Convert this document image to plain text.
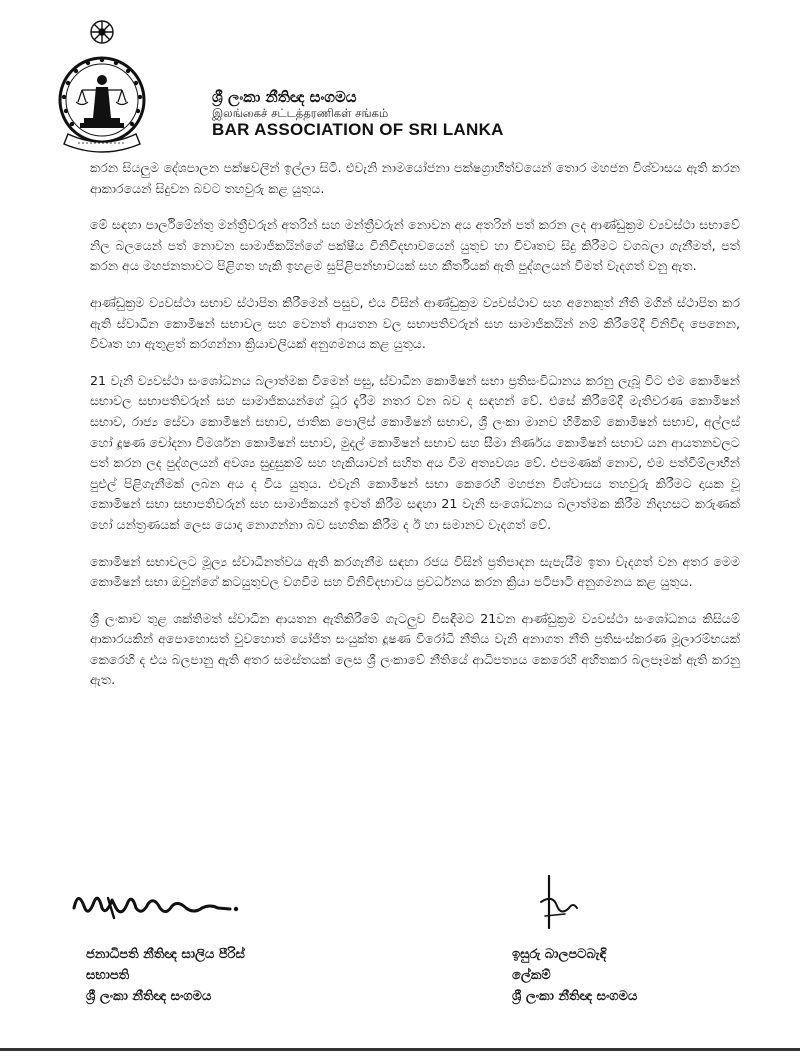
ශ්‍රී ලංකා නීතිඥ සංගමය
இலங்கைச் சட்டத்தரணிகள் சங்கம்
BAR ASSOCIATION OF SRI LANKA

කරන සියලුම දේශපාලන පක්ෂවලින් ඉල්ලා සිටී. එවැනි නාමයෝජනා පක්ෂග්‍රාහීත්වයෙන් තොර මහජන විශ්වාසය ඇති කරන ආකාරයෙන් සිදුවන බවට තහවුරු කළ යුතුය.

මේ සඳහා පාර්ලිමේන්තු මන්ත්‍රීවරුන් අතරින් සහ මන්ත්‍රීවරුන් නොවන අය අතරින් පත් කරන ලද ආණ්ඩුක්‍රම ව්‍යවස්ථා සභාවේ නිල බලයෙන් පත් නොවන සාමාජිකයින්ගේ පක්ෂීය විනිවිදභාවයෙන් යුතුව හා විවෘතව සිදු කිරීමට වගබලා ගැනීමත්, පත් කරන අය මහජනතාවට පිළිගත හැකි ඉහළම සුපිළිපන්භාවයක් සහ කීර්තියක් ඇති පුද්ගලයන් වීමත් වැදගත් වනු ඇත.

ආණ්ඩුක්‍රම ව්‍යවස්ථා සභාව ස්ථාපිත කිරීමෙන් පසුව, එය විසින් ආණ්ඩුක්‍රම ව්‍යවස්ථාව සහ අනෙකුත් නීති මගින් ස්ථාපිත කර ඇති ස්වාධීන කොමිෂන් සභාවල සහ වෙනත් ආයතන වල සභාපතිවරුන් සහ සාමාජිකයින් නම් කිරීමේදී විනිවිද පෙනෙන, විවෘත හා ඇතුළත් කරගන්නා ක්‍රියාවලියක් අනුගමනය කළ යුතුය.

21 වැනි ව්‍යවස්ථා සංශෝධනය බලාත්මක වීමෙන් පසු, ස්වාධීන කොමිෂන් සභා ප්‍රතිසංවිධානය කරනු ලැබූ විට එම කොමිෂන් සභාවල සභාපතිවරුන් සහ සාමාජිකයන්ගේ ධූර දැරීම නතර වන බව ද සඳහන් වේ. එසේ කිරීමේදී මැතිවරණ කොමිෂන් සභාව, රාජ්‍ය සේවා කොමිෂන් සභාව, ජාතික පොලිස් කොමිෂන් සභාව, ශ්‍රී ලංකා මානව හිමිකම් කොමිෂන් සභාව, අල්ලස් හෝ දූෂණ චෝදනා විමර්ශන කොමිෂන් සභාව, මුදල් කොමිෂන් සභාව සහ සීමා නිර්ණය කොමිෂන් සභාව යන ආයතනවලට පත් කරන ලද පුද්ගලයන් අවශ්‍ය සුදුසුකම් සහ හැකියාවන් සහිත අය වීම අත්‍යවශ්‍ය වේ. එපමණක් නොව, එම පත්වීම්ලාභීන් පුළුල් පිළිගැනීමක් ලබන අය ද විය යුතුය. එවැනි කොමිෂන් සභා කෙරෙහි මහජන විශ්වාසය තහවුරු කිරීමට දායක වූ කොමිෂන් සභා සභාපතිවරුන් සහ සාමාජිකයන් ඉවත් කිරීම සඳහා 21 වැනි සංශෝධනය බලාත්මක කිරීම නිදහසට කරුණක් හෝ යන්ත්‍රණයක් ලෙස යොදා නොගන්නා බව සහතික කිරීම ද ඊ හා සමානව වැදගත් වේ.

කොමිෂන් සභාවලට මූල්‍ය ස්වාධීනත්වය ඇති කරගැනීම සඳහා රජය විසින් ප්‍රතිපාදන සැපැයීම ඉතා වැදගත් වන අතර මෙම කොමිෂන් සභා ඔවුන්ගේ කටයුතුවල වගවීම සහ විනිවිදභාවය ප්‍රවර්ධනය කරන ක්‍රියා පටිපාටි අනුගමනය කළ යුතුය.

ශ්‍රී ලංකාව තුළ ශක්තිමත් ස්වාධීන ආයතන ඇතිකිරීමේ ගැටලුව විසඳීමට 21වන ආණ්ඩුක්‍රම ව්‍යවස්ථා සංශෝධනය කිසියම් ආකාරයකින් අපොහොසත් වුවහොත් යෝජිත සංයුක්ත දූෂණ විරෝධී නීතිය වැනි අනාගත නීති ප්‍රතිසංස්කරණ මූලාරම්භයක් කෙරෙහි ද එය බලපානු ඇති අතර සමස්තයක් ලෙස ශ්‍රී ලංකාවේ නීතියේ ආධිපත්‍යය කෙරෙහි අහිතකර බලපෑමක් ඇති කරනු ඇත.

ජනාධිපති නීතිඥ සාලිය පීරිස්
සභාපති
ශ්‍රී ලංකා නීතිඥ සංගමය
ඉසුරු බාලපටබැඳි
ලේකම්
ශ්‍රී ලංකා නීතිඥ සංගමය
